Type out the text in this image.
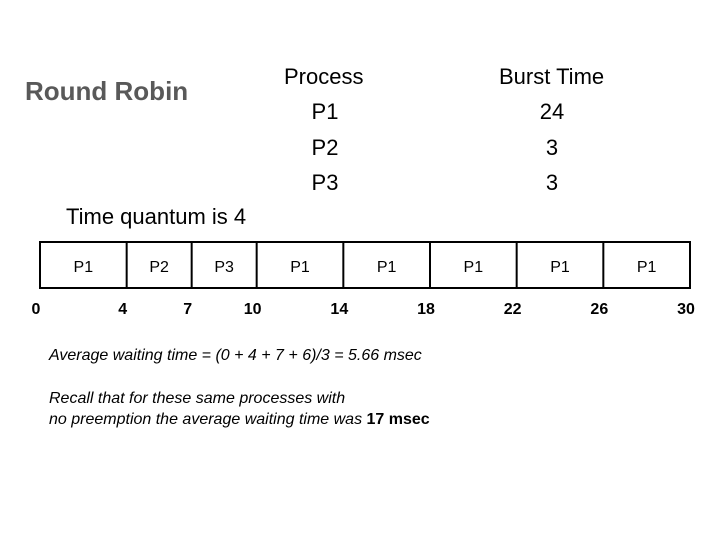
Round Robin	Process	Burst Time
P1	24
P2	3
P3	3
Time quantum is 4
P1	P2	P3	P1	P1	P1	P1	P1
0	4	7	10	14	18	22	26	30
Average waiting time = (0 + 4 + 7 + 6)/3 = 5.66 msec
Recall that for these same processes with
no preemption the average waiting time was 17 msec
